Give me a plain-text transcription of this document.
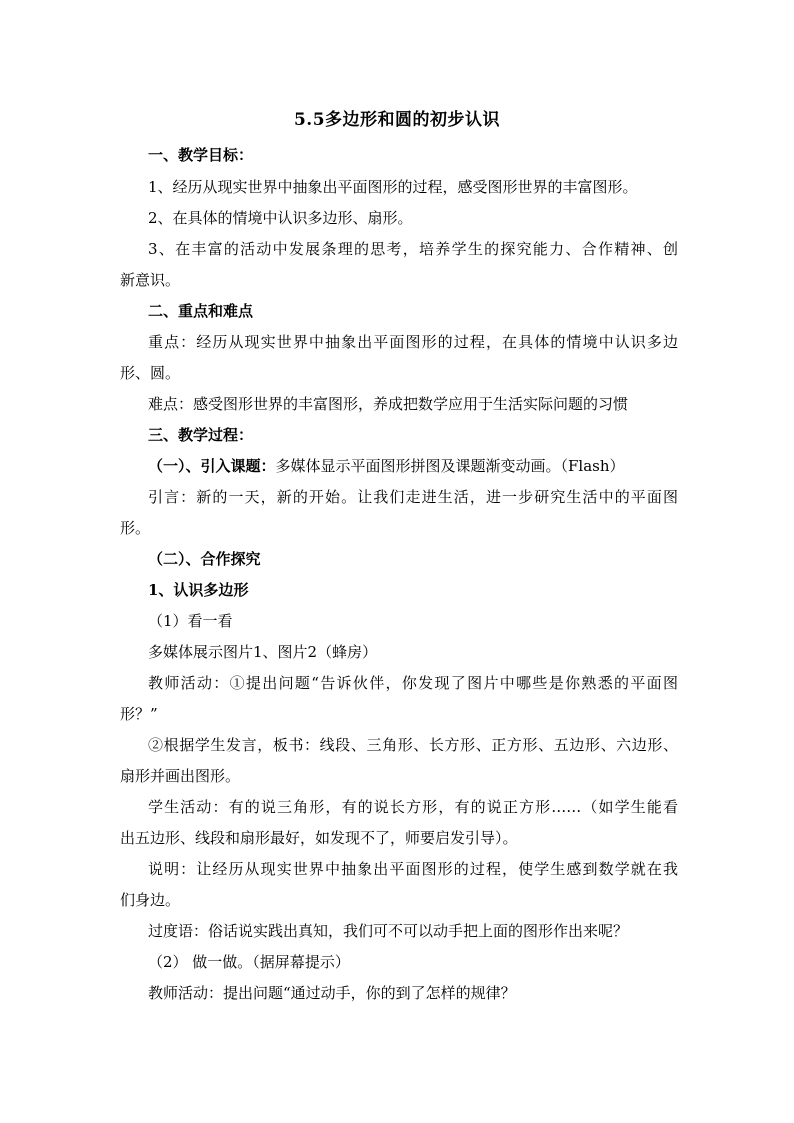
5.5多边形和圆的初步认识
一、教学目标：
1、经历从现实世界中抽象出平面图形的过程，感受图形世界的丰富图形。
2、在具体的情境中认识多边形、扇形。
3、在丰富的活动中发展条理的思考，培养学生的探究能力、合作精神、创
新意识。
二、重点和难点
重点：经历从现实世界中抽象出平面图形的过程，在具体的情境中认识多边
形、圆。
难点：感受图形世界的丰富图形，养成把数学应用于生活实际问题的习惯
三、教学过程：
（一）、引入课题：多媒体显示平面图形拼图及课题渐变动画。（Flash）
引言：新的一天，新的开始。让我们走进生活，进一步研究生活中的平面图
形。
（二）、合作探究
1、认识多边形
（1）看一看
多媒体展示图片1、图片2（蜂房）
教师活动：①提出问题“告诉伙伴，你发现了图片中哪些是你熟悉的平面图
形？”
②根据学生发言，板书：线段、三角形、长方形、正方形、五边形、六边形、
扇形并画出图形。
学生活动：有的说三角形，有的说长方形，有的说正方形……（如学生能看
出五边形、线段和扇形最好，如发现不了，师要启发引导）。
说明：让经历从现实世界中抽象出平面图形的过程，使学生感到数学就在我
们身边。
过度语：俗话说实践出真知，我们可不可以动手把上面的图形作出来呢？
（2） 做一做。（据屏幕提示）
教师活动：提出问题“通过动手，你的到了怎样的规律？
